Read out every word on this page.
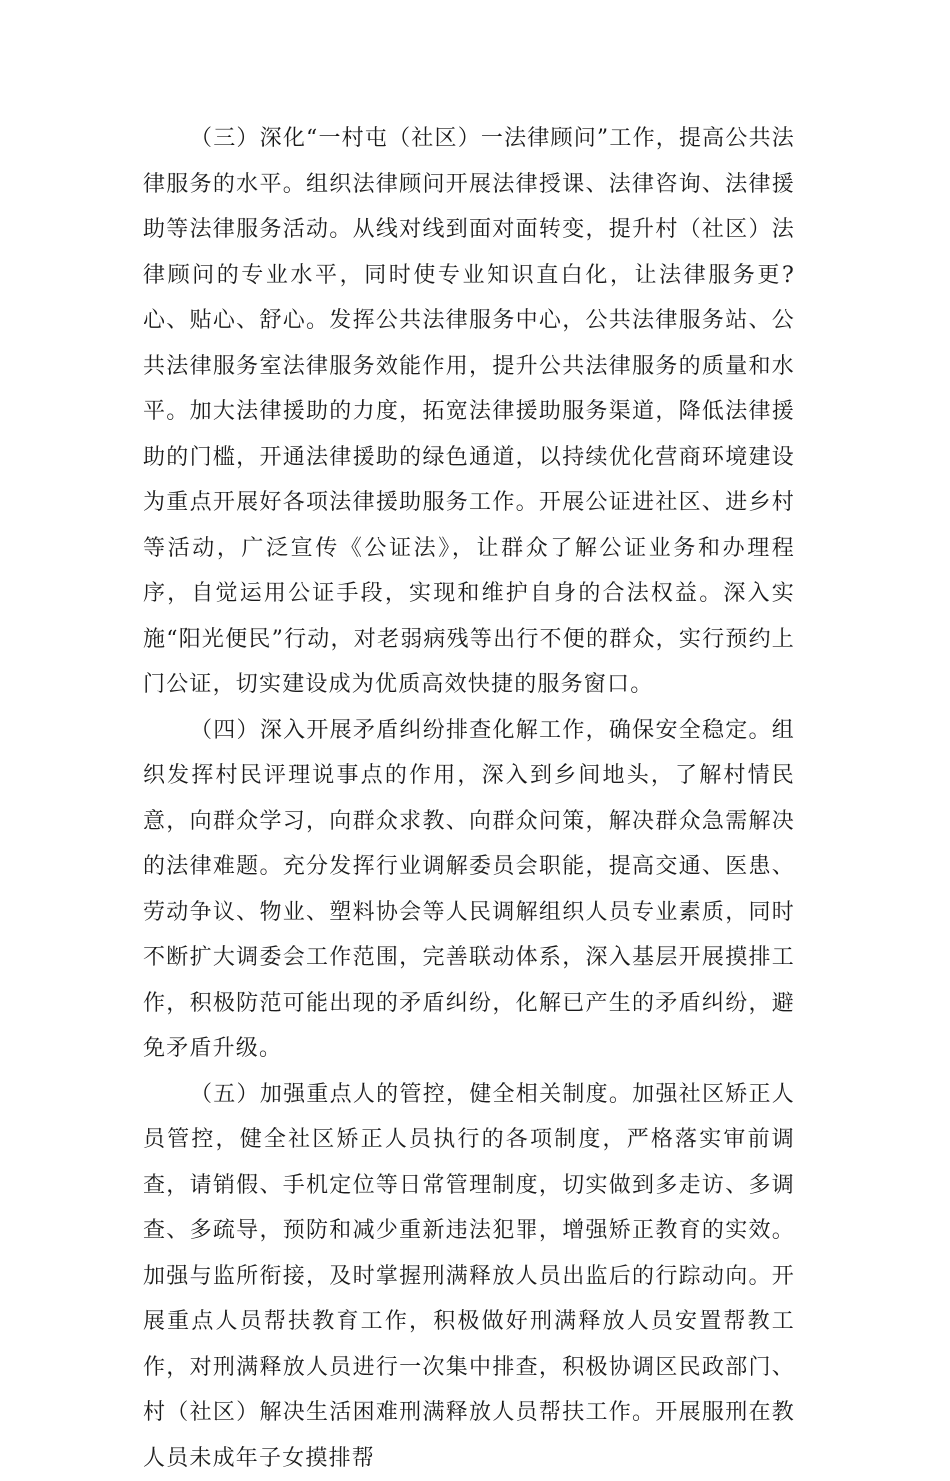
（三）深化“一村屯（社区）一法律顾问”工作，提高公共法律服务的水平。组织法律顾问开展法律授课、法律咨询、法律援助等法律服务活动。从线对线到面对面转变，提升村（社区）法律顾问的专业水平，同时使专业知识直白化，让法律服务更?心、贴心、舒心。发挥公共法律服务中心，公共法律服务站、公共法律服务室法律服务效能作用，提升公共法律服务的质量和水平。加大法律援助的力度，拓宽法律援助服务渠道，降低法律援助的门槛，开通法律援助的绿色通道，以持续优化营商环境建设为重点开展好各项法律援助服务工作。开展公证进社区、进乡村等活动，广泛宣传《公证法》，让群众了解公证业务和办理程序，自觉运用公证手段，实现和维护自身的合法权益。深入实施“阳光便民”行动，对老弱病残等出行不便的群众，实行预约上门公证，切实建设成为优质高效快捷的服务窗口。

（四）深入开展矛盾纠纷排查化解工作，确保安全稳定。组织发挥村民评理说事点的作用，深入到乡间地头，了解村情民意，向群众学习，向群众求教、向群众问策，解决群众急需解决的法律难题。充分发挥行业调解委员会职能，提高交通、医患、劳动争议、物业、塑料协会等人民调解组织人员专业素质，同时不断扩大调委会工作范围，完善联动体系，深入基层开展摸排工作，积极防范可能出现的矛盾纠纷，化解已产生的矛盾纠纷，避免矛盾升级。

（五）加强重点人的管控，健全相关制度。加强社区矫正人员管控，健全社区矫正人员执行的各项制度，严格落实审前调查，请销假、手机定位等日常管理制度，切实做到多走访、多调查、多疏导，预防和减少重新违法犯罪，增强矫正教育的实效。加强与监所衔接，及时掌握刑满释放人员出监后的行踪动向。开展重点人员帮扶教育工作，积极做好刑满释放人员安置帮教工作，对刑满释放人员进行一次集中排查，积极协调区民政部门、村（社区）解决生活困难刑满释放人员帮扶工作。开展服刑在教人员未成年子女摸排帮
